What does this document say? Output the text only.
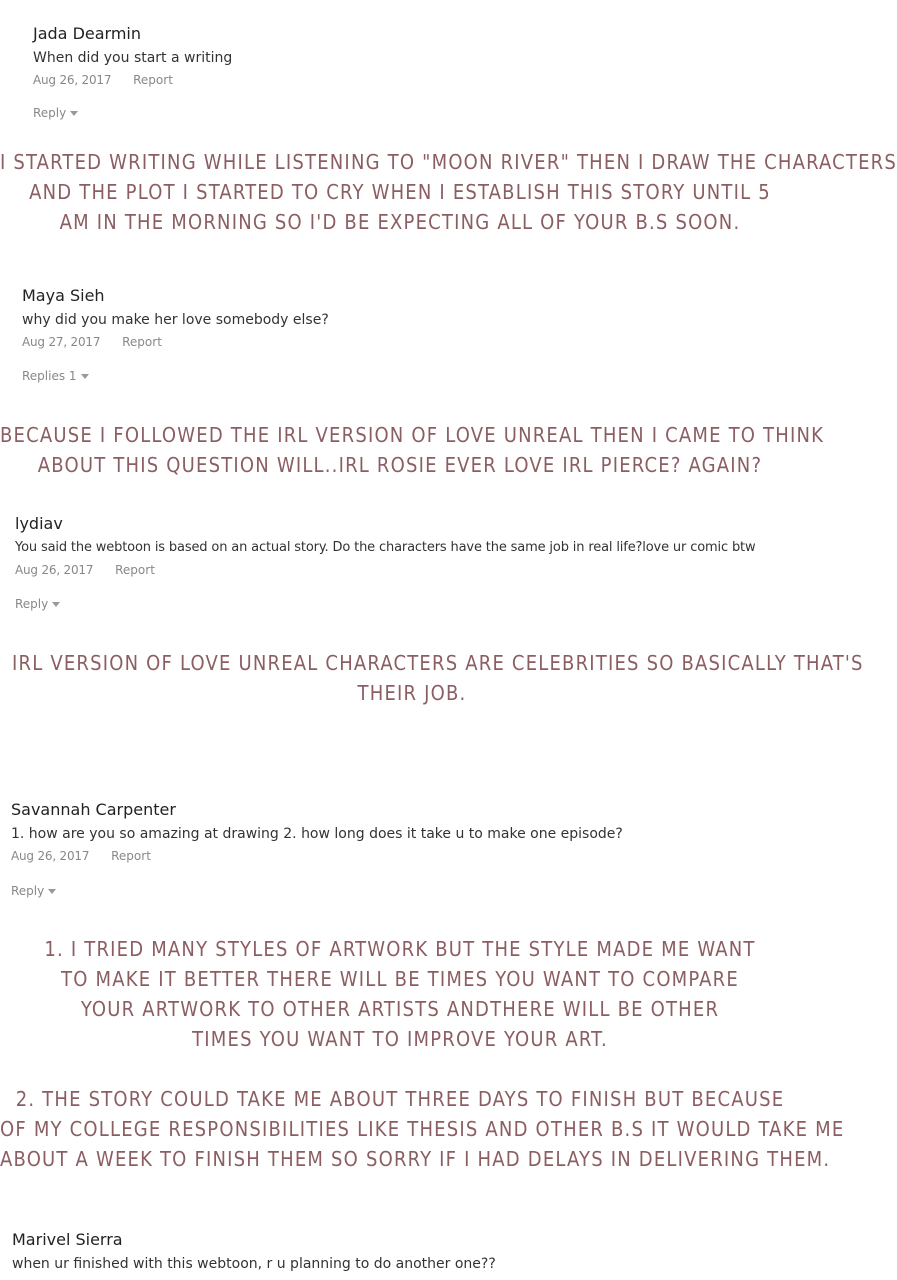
Jada Dearmin
When did you start a writing
Aug 26, 2017 Report
Reply
I STARTED WRITING WHILE LISTENING TO "MOON RIVER" THEN I DRAW THE CHARACTERS
AND THE PLOT I STARTED TO CRY WHEN I ESTABLISH THIS STORY UNTIL 5
AM IN THE MORNING SO I'D BE EXPECTING ALL OF YOUR B.S SOON.
Maya Sieh
why did you make her love somebody else?
Aug 27, 2017 Report
Replies 1
BECAUSE I FOLLOWED THE IRL VERSION OF LOVE UNREAL THEN I CAME TO THINK
ABOUT THIS QUESTION WILL..IRL ROSIE EVER LOVE IRL PIERCE? AGAIN?
lydiav
You said the webtoon is based on an actual story. Do the characters have the same job in real life?love ur comic btw
Aug 26, 2017 Report
Reply
IRL VERSION OF LOVE UNREAL CHARACTERS ARE CELEBRITIES SO BASICALLY THAT'S
THEIR JOB.
Savannah Carpenter
1. how are you so amazing at drawing 2. how long does it take u to make one episode?
Aug 26, 2017 Report
Reply
1. I TRIED MANY STYLES OF ARTWORK BUT THE STYLE MADE ME WANT
TO MAKE IT BETTER THERE WILL BE TIMES YOU WANT TO COMPARE
YOUR ARTWORK TO OTHER ARTISTS ANDTHERE WILL BE OTHER
TIMES YOU WANT TO IMPROVE YOUR ART.
2. THE STORY COULD TAKE ME ABOUT THREE DAYS TO FINISH BUT BECAUSE
OF MY COLLEGE RESPONSIBILITIES LIKE THESIS AND OTHER B.S IT WOULD TAKE ME
ABOUT A WEEK TO FINISH THEM SO SORRY IF I HAD DELAYS IN DELIVERING THEM.
Marivel Sierra
when ur finished with this webtoon, r u planning to do another one??
